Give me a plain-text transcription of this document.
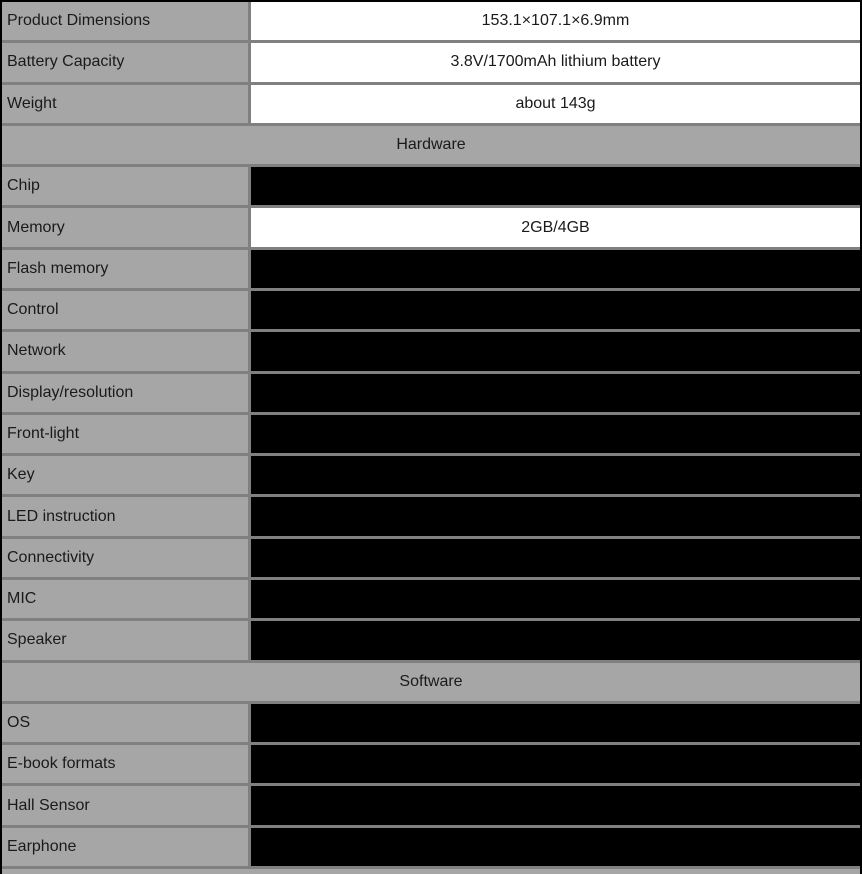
Product Dimensions	153.1×107.1×6.9mm
Battery Capacity	3.8V/1700mAh lithium battery
Weight	about 143g
Hardware
Chip
Memory	2GB/4GB
Flash memory
Control
Network
Display/resolution
Front-light
Key
LED instruction
Connectivity
MIC
Speaker
Software
OS
E-book formats
Hall Sensor
Earphone
